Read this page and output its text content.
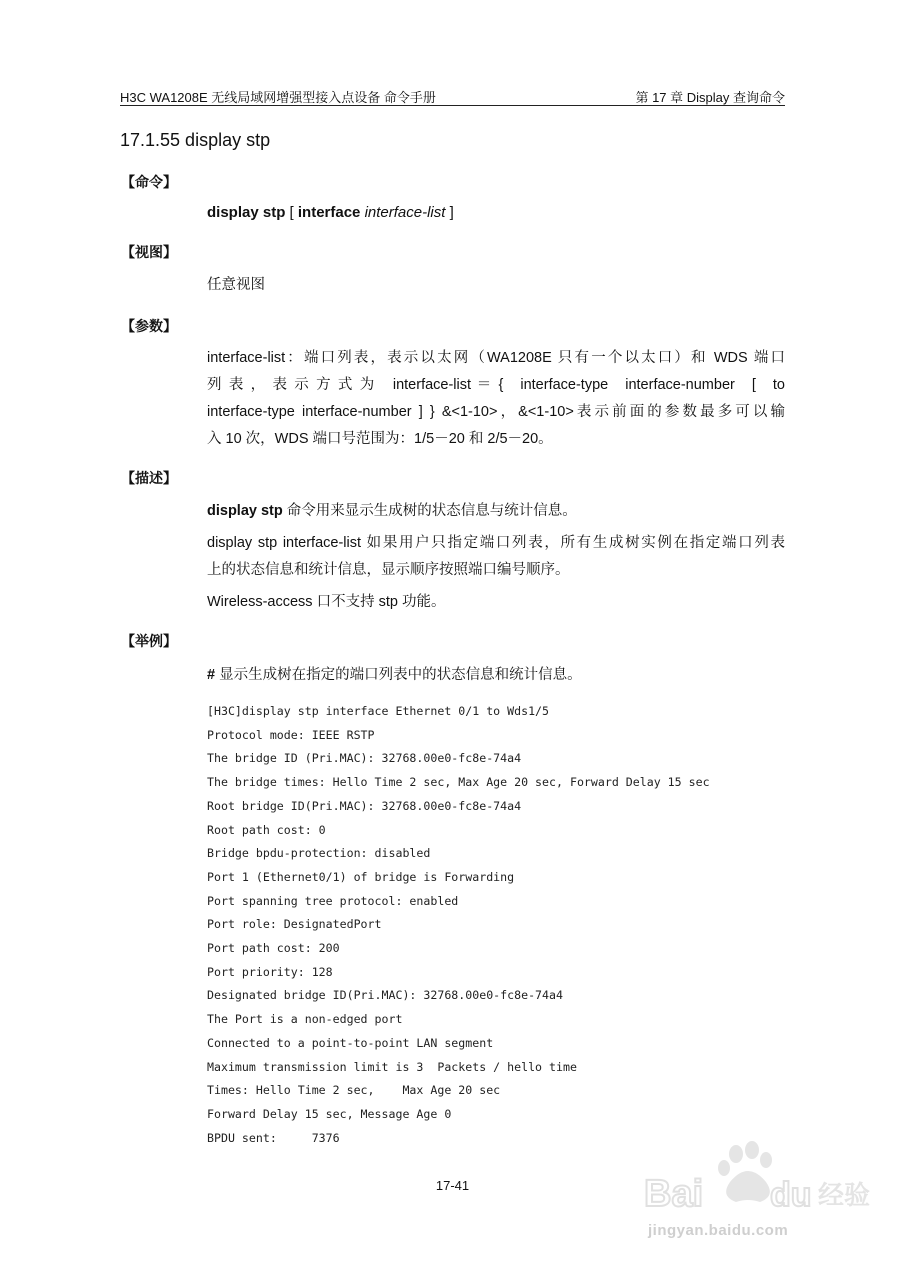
H3C WA1208E 无线局域网增强型接入点设备 命令手册	第 17 章 Display 查询命令
17.1.55 display stp
【命令】
display stp [ interface interface-list ]
【视图】
任意视图
【参数】
interface-list：端口列表，表示以太网（WA1208E 只有一个以太口）和 WDS 端口
列 表 ， 表 示 方 式 为   interface-list ＝ {   interface-type   interface-number   [   to
interface-type interface-number ] } &<1-10>，&<1-10>表示前面的参数最多可以输
入 10 次，WDS 端口号范围为：1/5－20 和 2/5－20。
【描述】
display stp 命令用来显示生成树的状态信息与统计信息。
display stp interface-list 如果用户只指定端口列表，所有生成树实例在指定端口列表
上的状态信息和统计信息，显示顺序按照端口编号顺序。
Wireless-access 口不支持 stp 功能。
【举例】
# 显示生成树在指定的端口列表中的状态信息和统计信息。
[H3C]display stp interface Ethernet 0/1 to Wds1/5
Protocol mode: IEEE RSTP
The bridge ID (Pri.MAC): 32768.00e0-fc8e-74a4
The bridge times: Hello Time 2 sec, Max Age 20 sec, Forward Delay 15 sec
Root bridge ID(Pri.MAC): 32768.00e0-fc8e-74a4
Root path cost: 0
Bridge bpdu-protection: disabled
Port 1 (Ethernet0/1) of bridge is Forwarding
Port spanning tree protocol: enabled
Port role: DesignatedPort
Port path cost: 200
Port priority: 128
Designated bridge ID(Pri.MAC): 32768.00e0-fc8e-74a4
The Port is a non-edged port
Connected to a point-to-point LAN segment
Maximum transmission limit is 3  Packets / hello time
Times: Hello Time 2 sec,    Max Age 20 sec
Forward Delay 15 sec, Message Age 0
BPDU sent:     7376
17-41	Bai du 经验
jingyan.baidu.com
